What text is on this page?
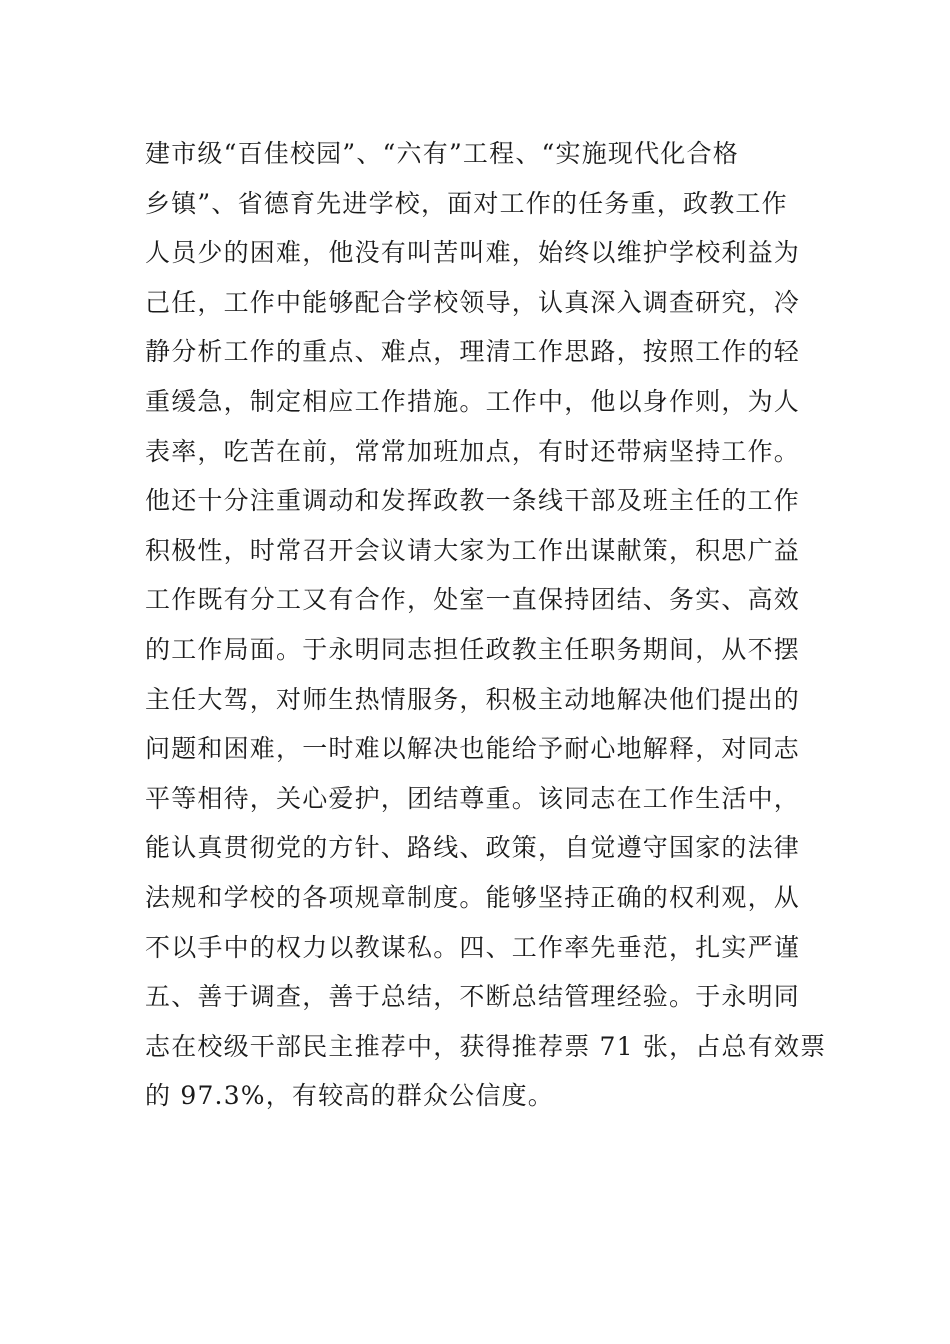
建市级“百佳校园”、“六有”工程、“实施现代化合格
乡镇”、省德育先进学校，面对工作的任务重，政教工作
人员少的困难，他没有叫苦叫难，始终以维护学校利益为
己任，工作中能够配合学校领导，认真深入调查研究，冷
静分析工作的重点、难点，理清工作思路，按照工作的轻
重缓急，制定相应工作措施。工作中，他以身作则，为人
表率，吃苦在前，常常加班加点，有时还带病坚持工作。
他还十分注重调动和发挥政教一条线干部及班主任的工作
积极性，时常召开会议请大家为工作出谋献策，积思广益
工作既有分工又有合作，处室一直保持团结、务实、高效
的工作局面。于永明同志担任政教主任职务期间，从不摆
主任大驾，对师生热情服务，积极主动地解决他们提出的
问题和困难，一时难以解决也能给予耐心地解释，对同志
平等相待，关心爱护，团结尊重。该同志在工作生活中，
能认真贯彻党的方针、路线、政策，自觉遵守国家的法律
法规和学校的各项规章制度。能够坚持正确的权利观，从
不以手中的权力以教谋私。四、工作率先垂范，扎实严谨
五、善于调查，善于总结，不断总结管理经验。于永明同
志在校级干部民主推荐中，获得推荐票 71 张，占总有效票
的 97.3%，有较高的群众公信度。
